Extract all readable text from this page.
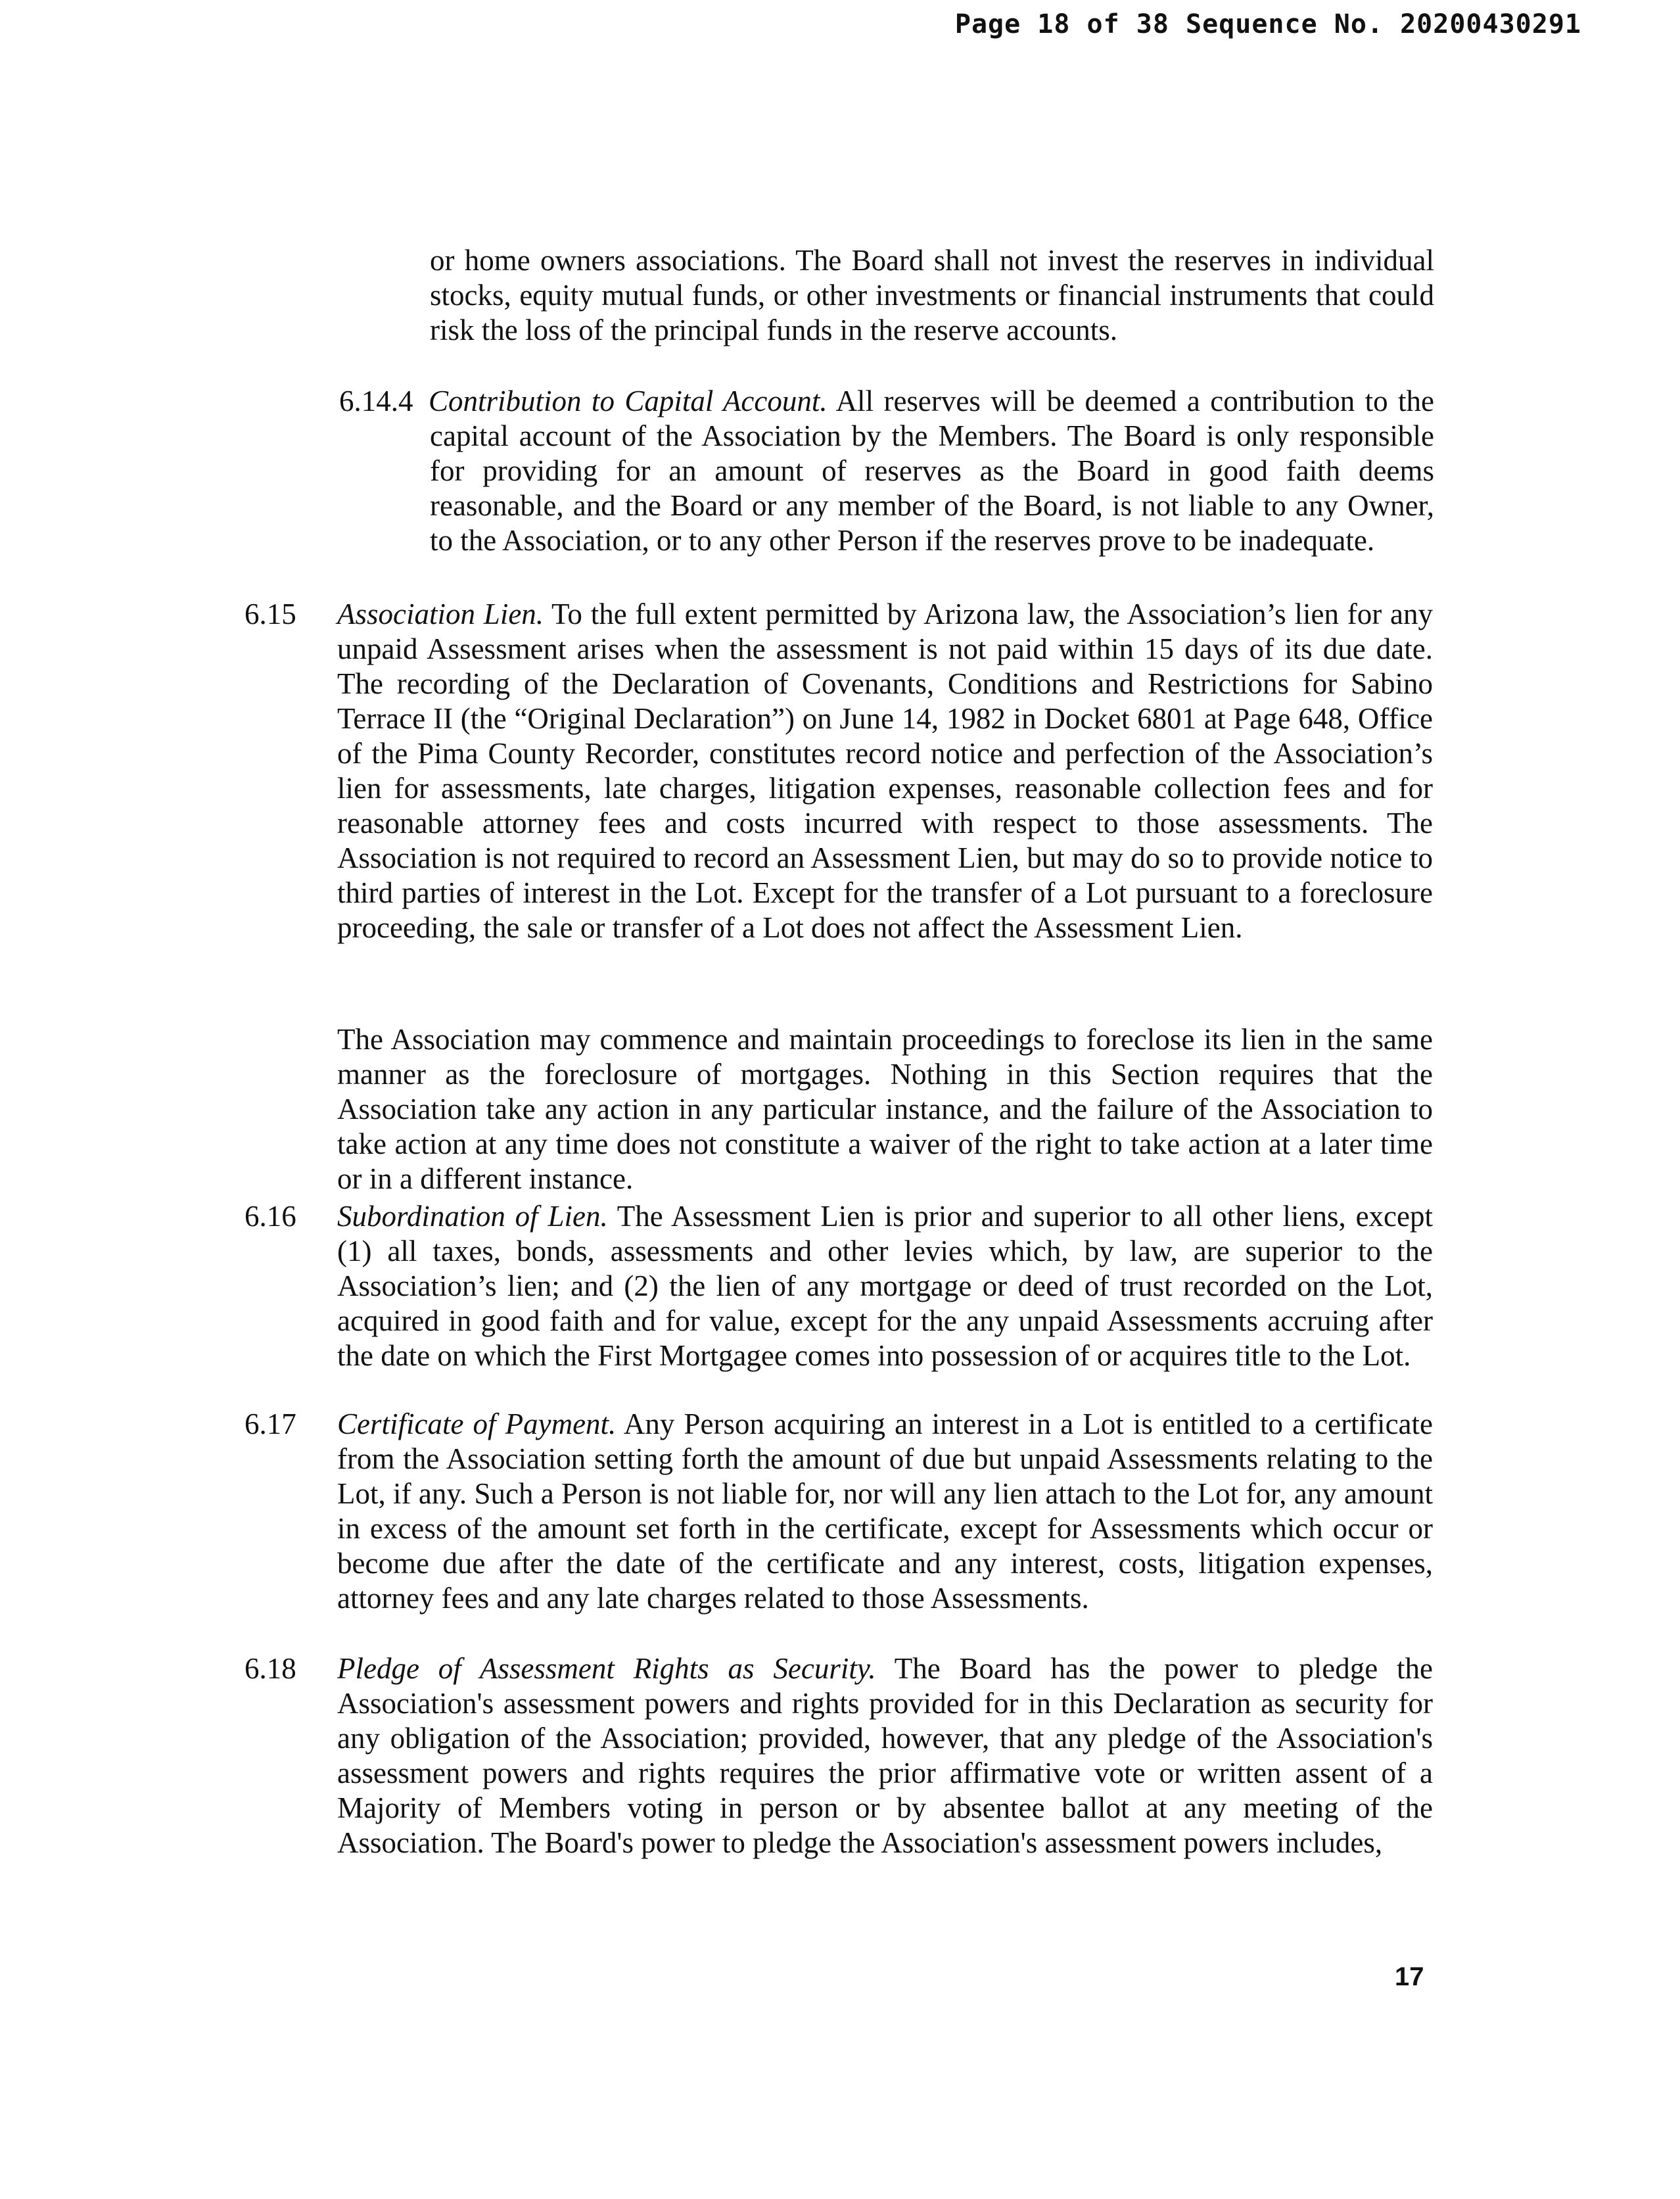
Page 18 of 38 Sequence No. 20200430291
or home owners associations. The Board shall not invest the reserves in individual stocks, equity mutual funds, or other investments or financial instruments that could risk the loss of the principal funds in the reserve accounts.
6.14.4 Contribution to Capital Account. All reserves will be deemed a contribution to the capital account of the Association by the Members. The Board is only responsible for providing for an amount of reserves as the Board in good faith deems reasonable, and the Board or any member of the Board, is not liable to any Owner, to the Association, or to any other Person if the reserves prove to be inadequate.
6.15 Association Lien. To the full extent permitted by Arizona law, the Association’s lien for any unpaid Assessment arises when the assessment is not paid within 15 days of its due date. The recording of the Declaration of Covenants, Conditions and Restrictions for Sabino Terrace II (the “Original Declaration”) on June 14, 1982 in Docket 6801 at Page 648, Office of the Pima County Recorder, constitutes record notice and perfection of the Association’s lien for assessments, late charges, litigation expenses, reasonable collection fees and for reasonable attorney fees and costs incurred with respect to those assessments. The Association is not required to record an Assessment Lien, but may do so to provide notice to third parties of interest in the Lot. Except for the transfer of a Lot pursuant to a foreclosure proceeding, the sale or transfer of a Lot does not affect the Assessment Lien.
The Association may commence and maintain proceedings to foreclose its lien in the same manner as the foreclosure of mortgages. Nothing in this Section requires that the Association take any action in any particular instance, and the failure of the Association to take action at any time does not constitute a waiver of the right to take action at a later time or in a different instance.
6.16 Subordination of Lien. The Assessment Lien is prior and superior to all other liens, except (1) all taxes, bonds, assessments and other levies which, by law, are superior to the Association’s lien; and (2) the lien of any mortgage or deed of trust recorded on the Lot, acquired in good faith and for value, except for the any unpaid Assessments accruing after the date on which the First Mortgagee comes into possession of or acquires title to the Lot.
6.17 Certificate of Payment. Any Person acquiring an interest in a Lot is entitled to a certificate from the Association setting forth the amount of due but unpaid Assessments relating to the Lot, if any. Such a Person is not liable for, nor will any lien attach to the Lot for, any amount in excess of the amount set forth in the certificate, except for Assessments which occur or become due after the date of the certificate and any interest, costs, litigation expenses, attorney fees and any late charges related to those Assessments.
6.18 Pledge of Assessment Rights as Security. The Board has the power to pledge the Association's assessment powers and rights provided for in this Declaration as security for any obligation of the Association; provided, however, that any pledge of the Association's assessment powers and rights requires the prior affirmative vote or written assent of a Majority of Members voting in person or by absentee ballot at any meeting of the Association. The Board's power to pledge the Association's assessment powers includes,
17
